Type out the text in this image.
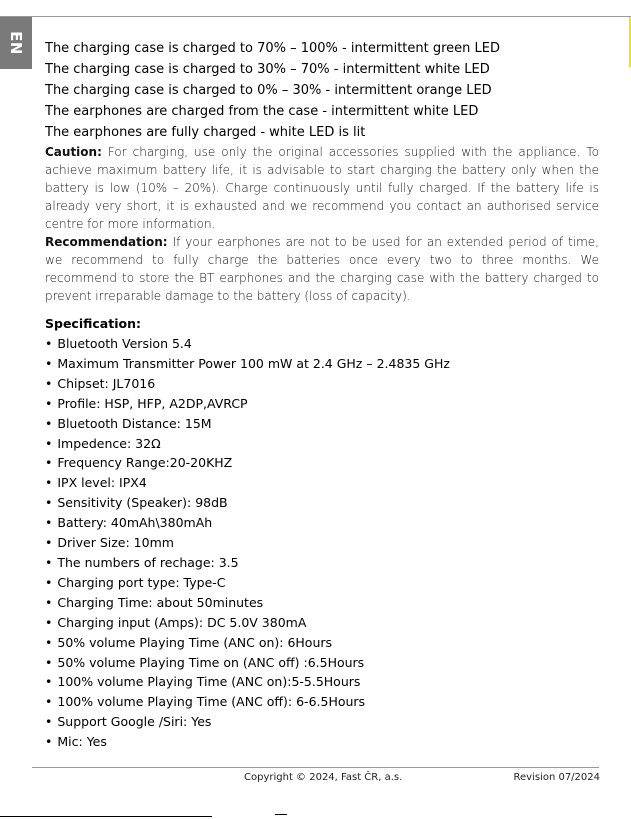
EN The charging case is charged to 70% – 100% - intermittent green LED
The charging case is charged to 30% – 70% - intermittent white LED
The charging case is charged to 0% – 30% - intermittent orange LED
The earphones are charged from the case - intermittent white LED
The earphones are fully charged - white LED is lit
Caution: For charging, use only the original accessories supplied with the appliance. To achieve maximum battery life, it is advisable to start charging the battery only when the battery is low (10% – 20%). Charge continuously until fully charged. If the battery life is already very short, it is exhausted and we recommend you contact an authorised service centre for more information.
Recommendation: If your earphones are not to be used for an extended period of time, we recommend to fully charge the batteries once every two to three months. We recommend to store the BT earphones and the charging case with the battery charged to prevent irreparable damage to the battery (loss of capacity).
Specification:
• Bluetooth Version 5.4
• Maximum Transmitter Power 100 mW at 2.4 GHz – 2.4835 GHz
• Chipset: JL7016
• Profile: HSP, HFP, A2DP,AVRCP
• Bluetooth Distance: 15M
• Impedence: 32Ω
• Frequency Range:20-20KHZ
• IPX level: IPX4
• Sensitivity (Speaker): 98dB
• Battery: 40mAh\380mAh
• Driver Size: 10mm
• The numbers of rechage: 3.5
• Charging port type: Type-C
• Charging Time: about 50minutes
• Charging input (Amps): DC 5.0V 380mA
• 50% volume Playing Time (ANC on): 6Hours
• 50% volume Playing Time on (ANC off) :6.5Hours
• 100% volume Playing Time (ANC on):5-5.5Hours
• 100% volume Playing Time (ANC off): 6-6.5Hours
• Support Google /Siri: Yes
• Mic: Yes
Copyright © 2024, Fast ČR, a.s.	Revision 07/2024
